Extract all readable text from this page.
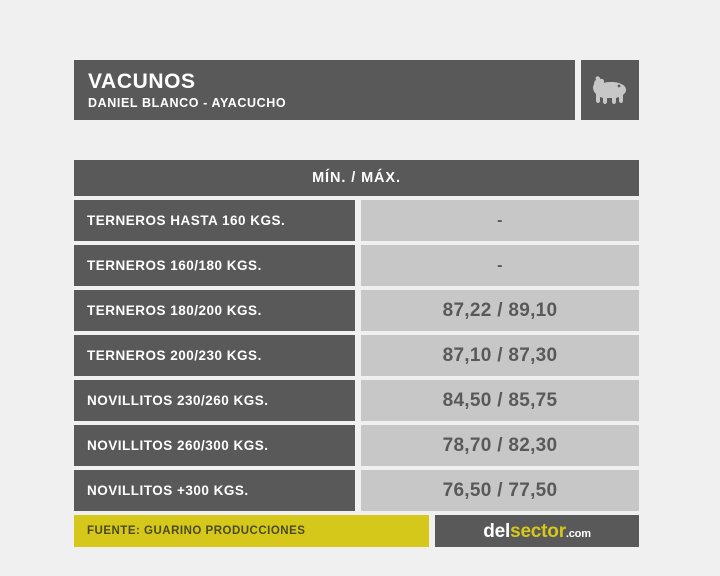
VACUNOS
DANIEL BLANCO - AYACUCHO
MÍN. / MÁX.
TERNEROS HASTA 160 KGS.	-
TERNEROS 160/180 KGS.	-
TERNEROS 180/200 KGS.	87,22 / 89,10
TERNEROS 200/230 KGS.	87,10 / 87,30
NOVILLITOS 230/260 KGS.	84,50 / 85,75
NOVILLITOS 260/300 KGS.	78,70 / 82,30
NOVILLITOS +300 KGS.	76,50 / 77,50
FUENTE: GUARINO PRODUCCIONES	delsector.com
